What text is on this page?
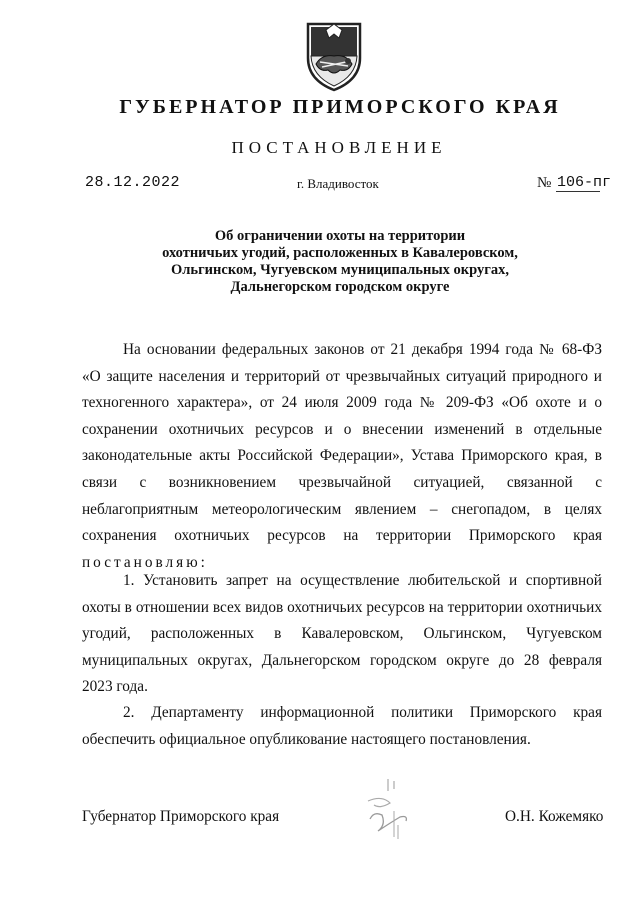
ГУБЕРНАТОР ПРИМОРСКОГО КРАЯ
ПОСТАНОВЛЕНИЕ
28.12.2022	г. Владивосток	№ 106-пг
Об ограничении охоты на территории
охотничьих угодий, расположенных в Кавалеровском,
Ольгинском, Чугуевском муниципальных округах,
Дальнегорском городском округе
На основании федеральных законов от 21 декабря 1994 года № 68-ФЗ
«О защите населения и территорий от чрезвычайных ситуаций природного и
техногенного характера», от 24 июля 2009 года № 209-ФЗ «Об охоте и о
сохранении охотничьих ресурсов и о внесении изменений в отдельные
законодательные акты Российской Федерации», Устава Приморского края, в
связи с возникновением чрезвычайной ситуацией, связанной с
неблагоприятным метеорологическим явлением – снегопадом, в целях
сохранения охотничьих ресурсов на территории Приморского края
постановляю:
1. Установить запрет на осуществление любительской и спортивной
охоты в отношении всех видов охотничьих ресурсов на территории охотничьих
угодий, расположенных в Кавалеровском, Ольгинском, Чугуевском
муниципальных округах, Дальнегорском городском округе до 28 февраля
2023 года.
2. Департаменту информационной политики Приморского края
обеспечить официальное опубликование настоящего постановления.
Губернатор Приморского края	О.Н. Кожемяко
